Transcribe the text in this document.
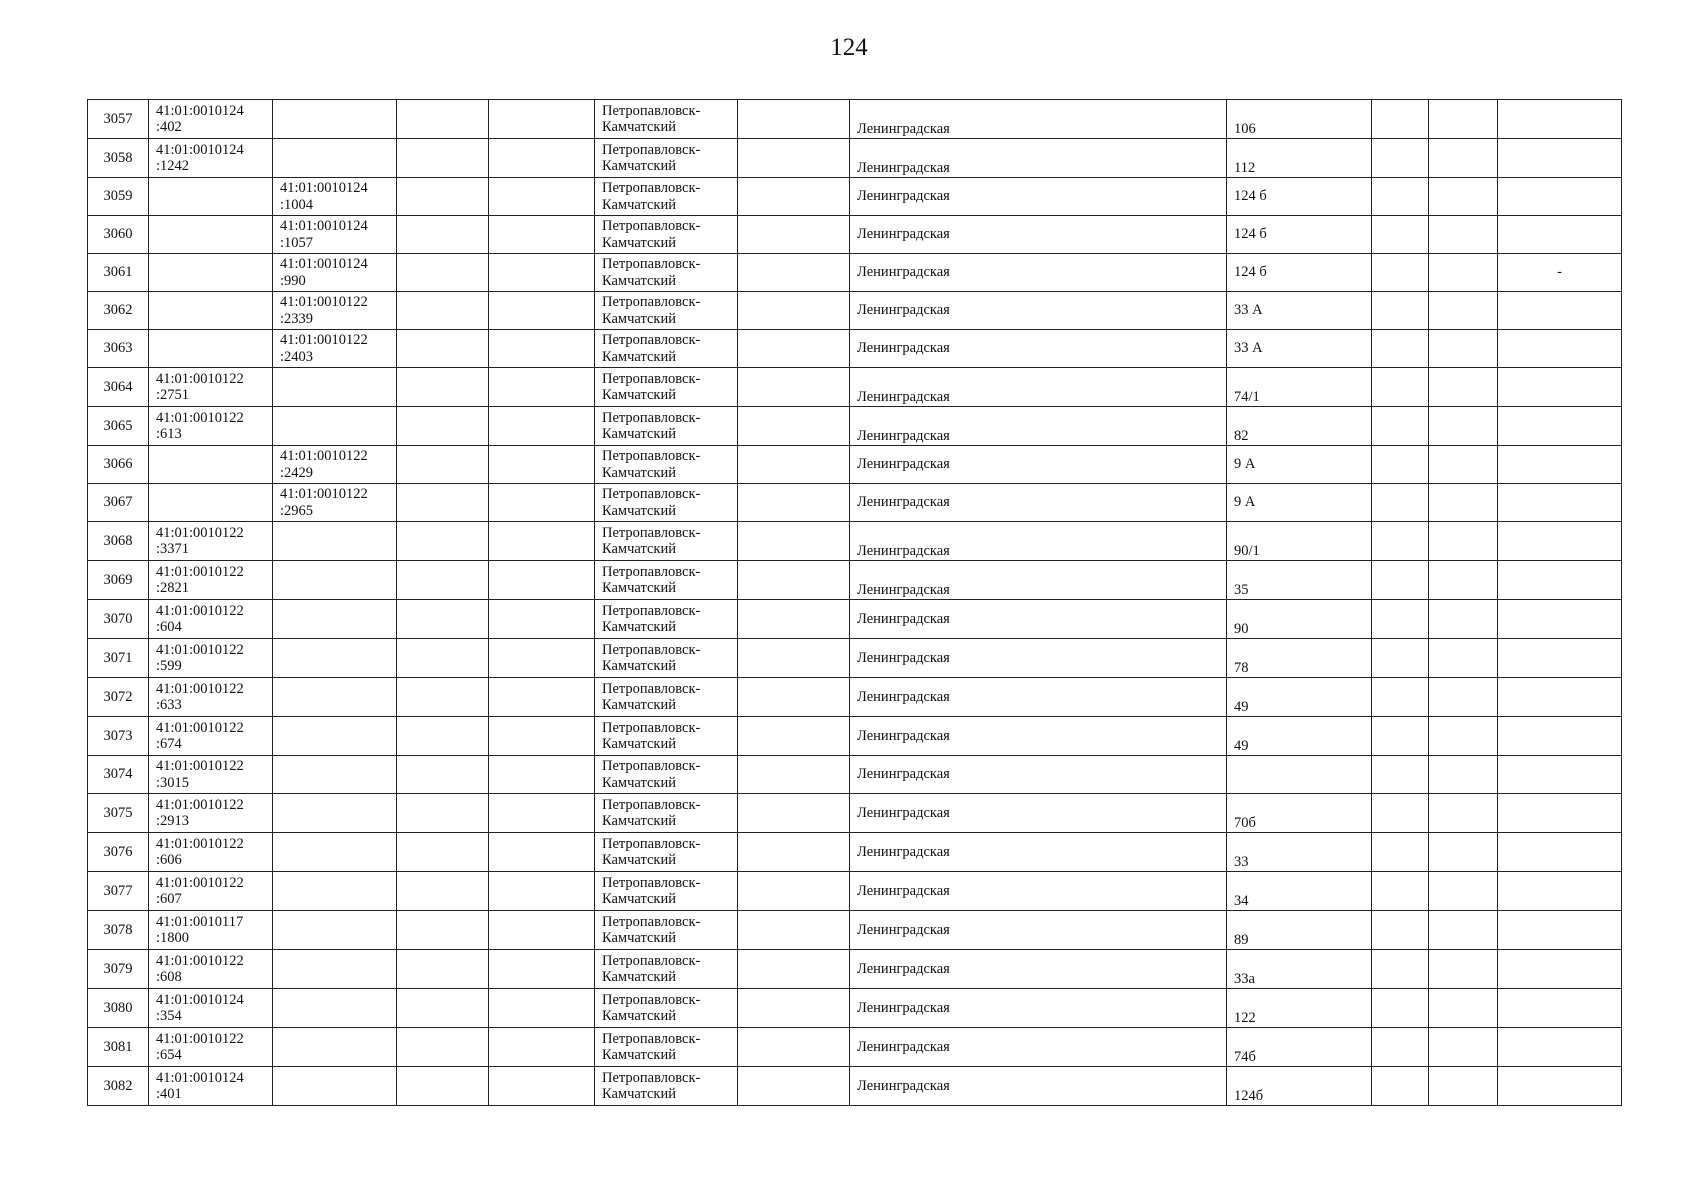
124
3057	41:01:0010124
:402				Петропавловск-
Камчатский		Ленинградская	106			
3058	41:01:0010124
:1242				Петропавловск-
Камчатский		Ленинградская	112			
3059		41:01:0010124
:1004			Петропавловск-
Камчатский		Ленинградская	124 б			
3060		41:01:0010124
:1057			Петропавловск-
Камчатский		Ленинградская	124 б			
3061		41:01:0010124
:990			Петропавловск-
Камчатский		Ленинградская	124 б			-
3062		41:01:0010122
:2339			Петропавловск-
Камчатский		Ленинградская	33 А			
3063		41:01:0010122
:2403			Петропавловск-
Камчатский		Ленинградская	33 А			
3064	41:01:0010122
:2751				Петропавловск-
Камчатский		Ленинградская	74/1			
3065	41:01:0010122
:613				Петропавловск-
Камчатский		Ленинградская	82			
3066		41:01:0010122
:2429			Петропавловск-
Камчатский		Ленинградская	9 А			
3067		41:01:0010122
:2965			Петропавловск-
Камчатский		Ленинградская	9 А			
3068	41:01:0010122
:3371				Петропавловск-
Камчатский		Ленинградская	90/1			
3069	41:01:0010122
:2821				Петропавловск-
Камчатский		Ленинградская	35			
3070	41:01:0010122
:604				Петропавловск-
Камчатский		Ленинградская	90			
3071	41:01:0010122
:599				Петропавловск-
Камчатский		Ленинградская	78			
3072	41:01:0010122
:633				Петропавловск-
Камчатский		Ленинградская	49			
3073	41:01:0010122
:674				Петропавловск-
Камчатский		Ленинградская	49			
3074	41:01:0010122
:3015				Петропавловск-
Камчатский		Ленинградская				
3075	41:01:0010122
:2913				Петропавловск-
Камчатский		Ленинградская	70б			
3076	41:01:0010122
:606				Петропавловск-
Камчатский		Ленинградская	33			
3077	41:01:0010122
:607				Петропавловск-
Камчатский		Ленинградская	34			
3078	41:01:0010117
:1800				Петропавловск-
Камчатский		Ленинградская	89			
3079	41:01:0010122
:608				Петропавловск-
Камчатский		Ленинградская	33а			
3080	41:01:0010124
:354				Петропавловск-
Камчатский		Ленинградская	122			
3081	41:01:0010122
:654				Петропавловск-
Камчатский		Ленинградская	74б			
3082	41:01:0010124
:401				Петропавловск-
Камчатский		Ленинградская	124б			
